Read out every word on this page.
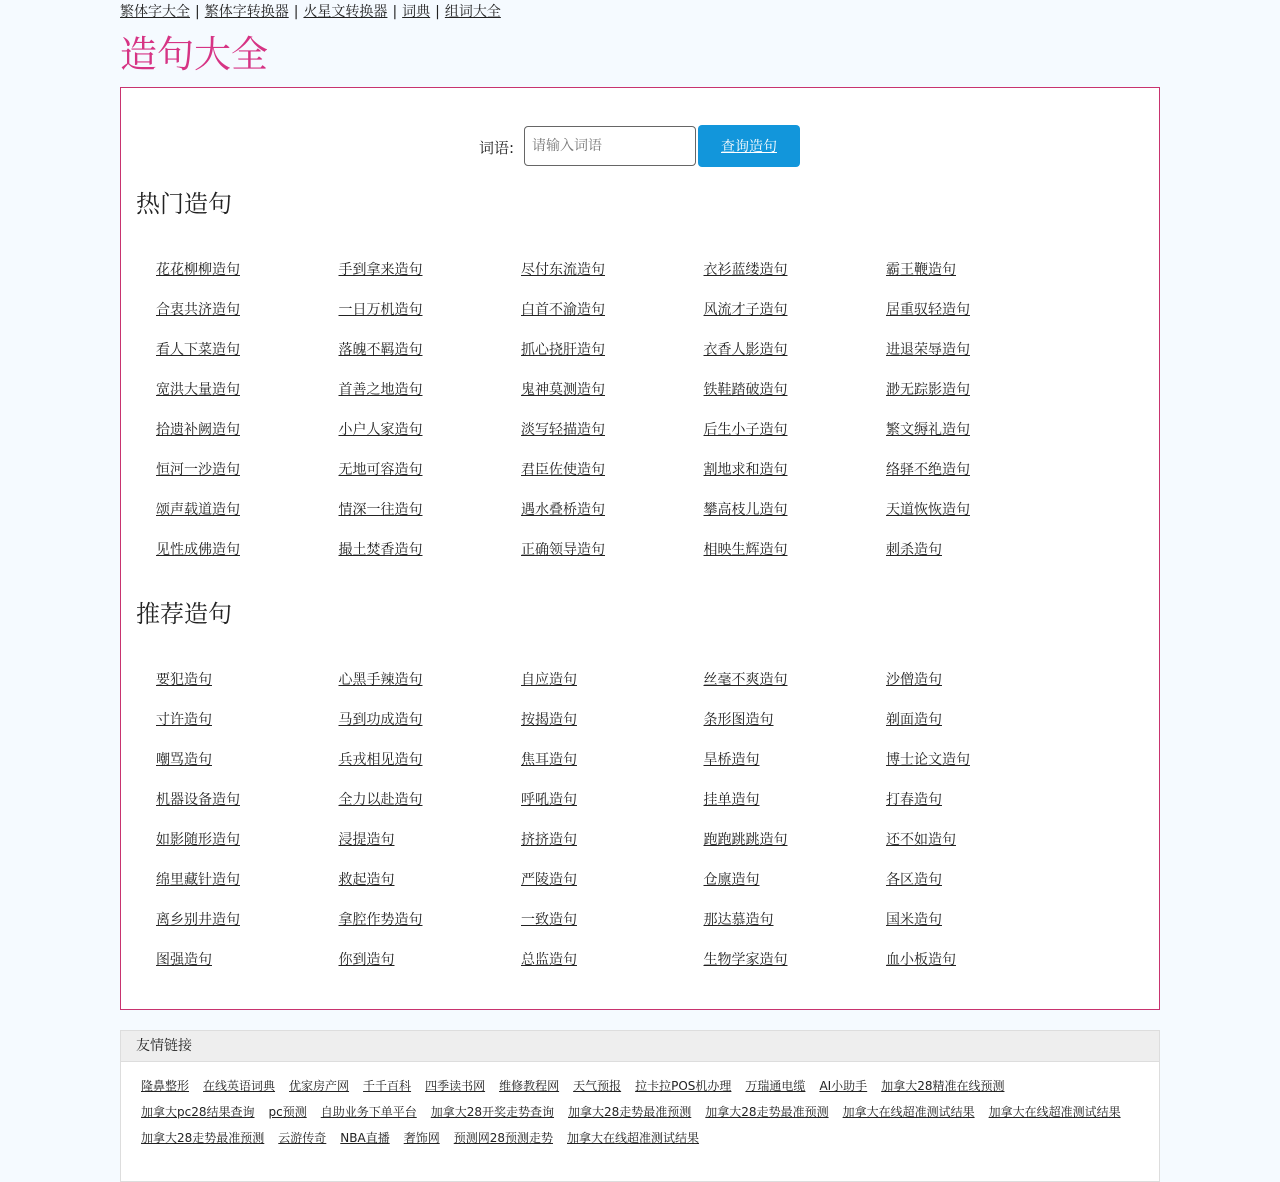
繁体字大全 | 繁体字转换器 | 火星文转换器 | 词典 | 组词大全
造句大全
词语:
请输入词语	查询造句
热门造句
花花柳柳造句	手到拿来造句	尽付东流造句	衣衫蓝缕造句	霸王鞭造句
合衷共济造句	一日万机造句	白首不渝造句	风流才子造句	居重驭轻造句
看人下菜造句	落魄不羁造句	抓心挠肝造句	衣香人影造句	进退荣辱造句
宽洪大量造句	首善之地造句	鬼神莫测造句	铁鞋踏破造句	渺无踪影造句
拾遗补阙造句	小户人家造句	淡写轻描造句	后生小子造句	繁文缛礼造句
恒河一沙造句	无地可容造句	君臣佐使造句	割地求和造句	络驿不绝造句
颂声载道造句	情深一往造句	遇水叠桥造句	攀高枝儿造句	天道恢恢造句
见性成佛造句	撮土焚香造句	正确领导造句	相映生辉造句	刺杀造句
推荐造句
要犯造句	心黑手辣造句	自应造句	丝毫不爽造句	沙僧造句
寸许造句	马到功成造句	按揭造句	条形图造句	剃面造句
嘲骂造句	兵戎相见造句	焦耳造句	旱桥造句	博士论文造句
机器设备造句	全力以赴造句	呼吼造句	挂单造句	打春造句
如影随形造句	浸提造句	挤挤造句	跑跑跳跳造句	还不如造句
绵里藏针造句	救起造句	严陵造句	仓廪造句	各区造句
离乡别井造句	拿腔作势造句	一致造句	那达慕造句	国米造句
图强造句	你到造句	总监造句	生物学家造句	血小板造句
友情链接
隆鼻整形 在线英语词典 优家房产网 千千百科 四季读书网 维修教程网 天气预报 拉卡拉POS机办理 万瑞通电缆 AI小助手 加拿大28精准在线预测
加拿大pc28结果查询 pc预测 自助业务下单平台 加拿大28开奖走势查询 加拿大28走势最准预测 加拿大28走势最准预测 加拿大在线超准测试结果 加拿大在线超准测试结果
加拿大28走势最准预测 云游传奇 NBA直播 奢饰网 预测网28预测走势 加拿大在线超准测试结果
